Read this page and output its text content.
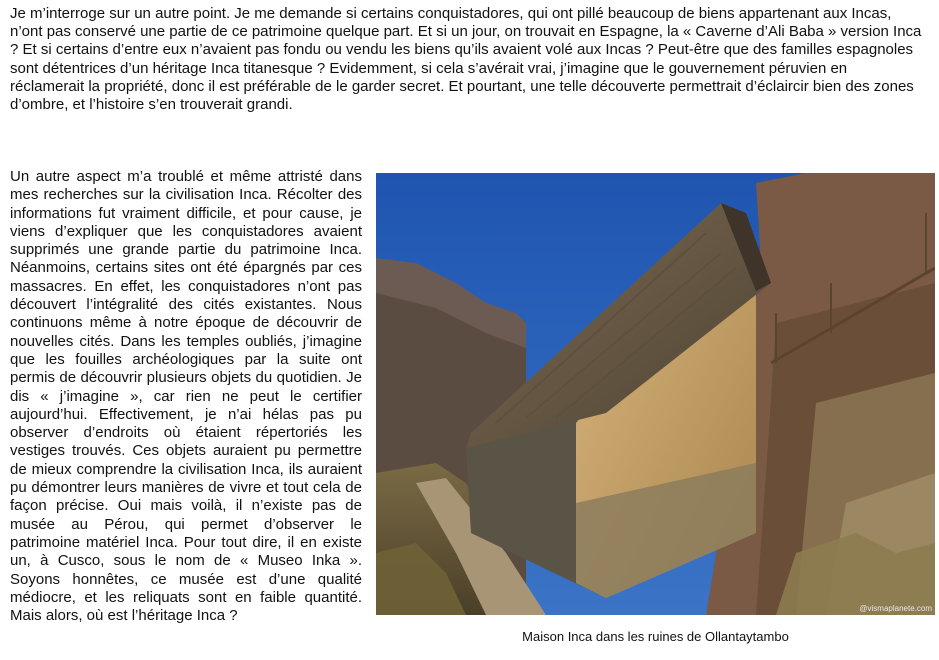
Je m’interroge sur un autre point. Je me demande si certains conquistadores, qui ont pillé beaucoup de biens appartenant aux Incas, n’ont pas conservé une partie de ce patrimoine quelque part. Et si un jour, on trouvait en Espagne, la « Caverne d’Ali Baba » version Inca ? Et si certains d’entre eux n’avaient pas fondu ou vendu les biens qu’ils avaient volé aux Incas ? Peut-être que des familles espagnoles sont détentrices d’un héritage Inca titanesque ? Evidemment, si cela s’avérait vrai, j’imagine que le gouvernement péruvien en réclamerait la propriété, donc il est préférable de le garder secret. Et pourtant, une telle découverte permettrait d’éclaircir bien des zones d’ombre, et l’histoire s’en trouverait grandi.

Un autre aspect m’a troublé et même attristé dans mes recherches sur la civilisation Inca. Récolter des informations fut vraiment difficile, et pour cause, je viens d’expliquer que les conquistadores avaient supprimés une grande partie du patrimoine Inca. Néanmoins, certains sites ont été épargnés par ces massacres. En effet, les conquistadores n’ont pas découvert l’intégralité des cités existantes. Nous continuons même à notre époque de découvrir de nouvelles cités. Dans les temples oubliés, j’imagine que les fouilles archéologiques par la suite ont permis de découvrir plusieurs objets du quotidien. Je dis « j’imagine », car rien ne peut le certifier aujourd’hui. Effectivement, je n’ai hélas pas pu observer d’endroits où étaient répertoriés les vestiges trouvés. Ces objets auraient pu permettre de mieux comprendre la civilisation Inca, ils auraient pu démontrer leurs manières de vivre et tout cela de façon précise. Oui mais voilà, il n’existe pas de musée au Pérou, qui permet d’observer le patrimoine matériel Inca. Pour tout dire, il en existe un, à Cusco, sous le nom de « Museo Inka ». Soyons honnêtes, ce musée est d’une qualité médiocre, et les reliquats sont en faible quantité. Mais alors, où est l’héritage Inca ?	@vismaplanete.com
Maison Inca dans les ruines de Ollantaytambo
